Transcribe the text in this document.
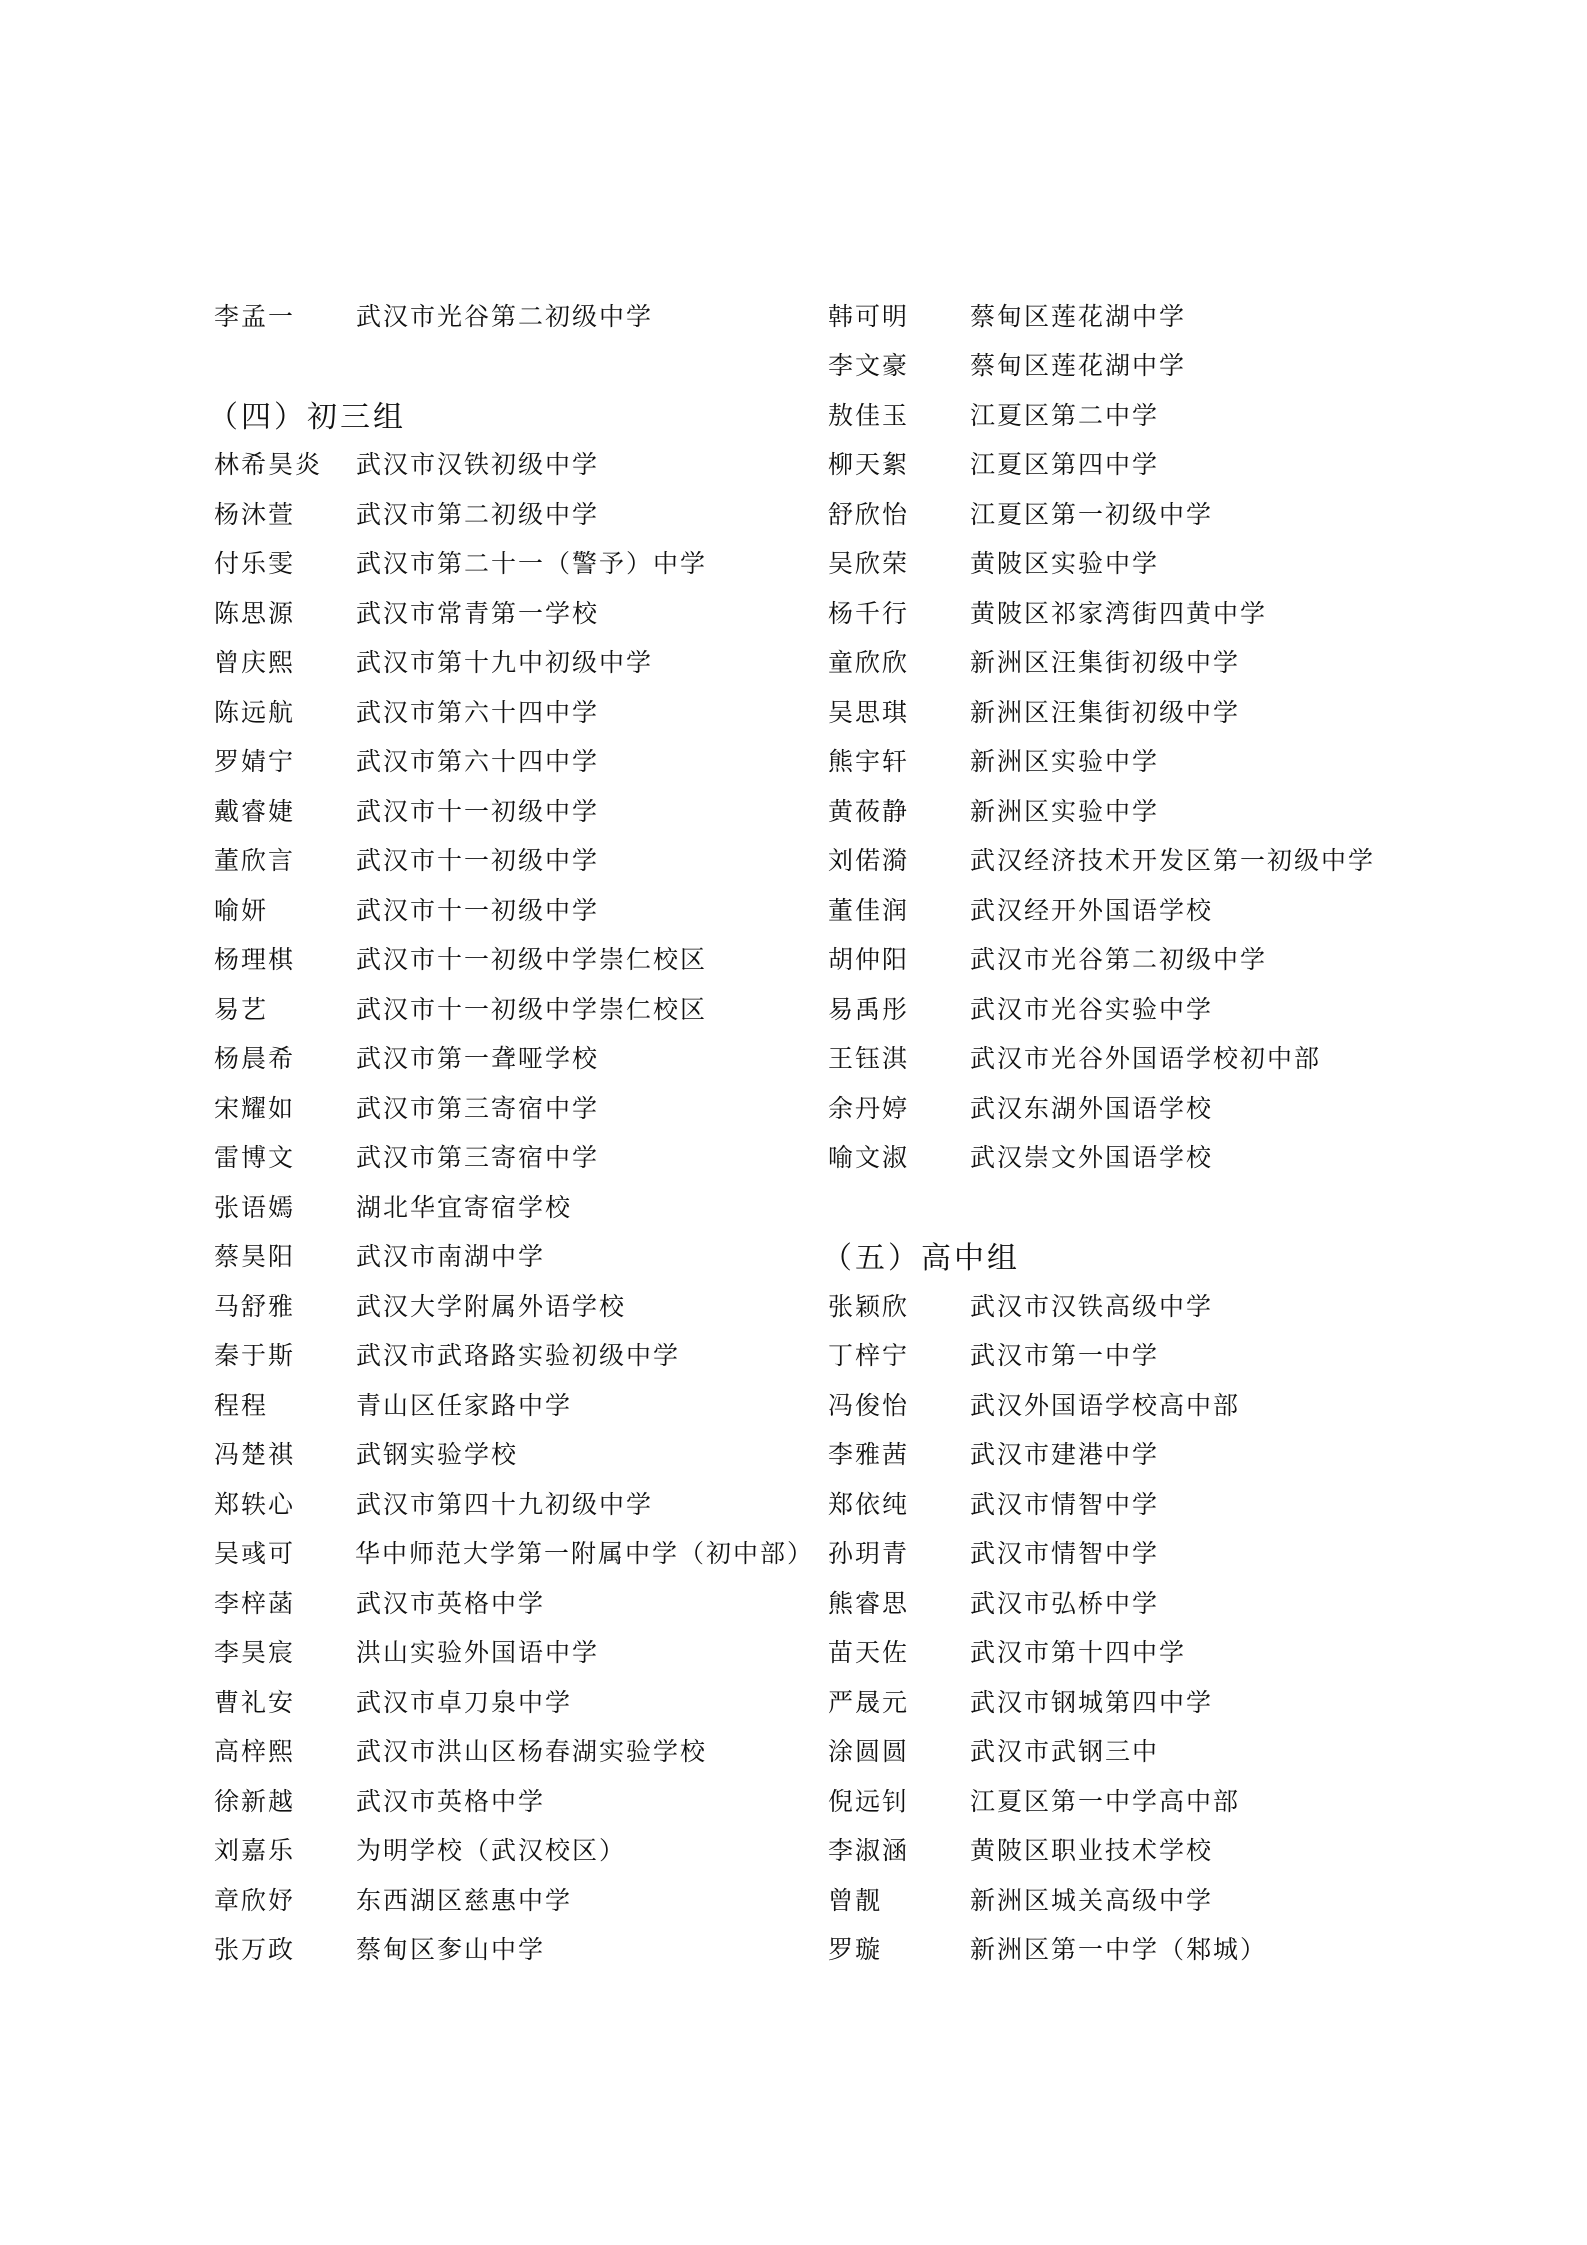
李孟一	武汉市光谷第二初级中学
（四）初三组
林希昊炎	武汉市汉铁初级中学
杨沐萱	武汉市第二初级中学
付乐雯	武汉市第二十一（警予）中学
陈思源	武汉市常青第一学校
曾庆熙	武汉市第十九中初级中学
陈远航	武汉市第六十四中学
罗婧宁	武汉市第六十四中学
戴睿婕	武汉市十一初级中学
董欣言	武汉市十一初级中学
喻妍	武汉市十一初级中学
杨理棋	武汉市十一初级中学崇仁校区
易艺	武汉市十一初级中学崇仁校区
杨晨希	武汉市第一聋哑学校
宋耀如	武汉市第三寄宿中学
雷博文	武汉市第三寄宿中学
张语嫣	湖北华宜寄宿学校
蔡昊阳	武汉市南湖中学
马舒雅	武汉大学附属外语学校
秦于斯	武汉市武珞路实验初级中学
程程	青山区任家路中学
冯楚祺	武钢实验学校
郑轶心	武汉市第四十九初级中学
吴彧可	华中师范大学第一附属中学（初中部）
李梓菡	武汉市英格中学
李昊宸	洪山实验外国语中学
曹礼安	武汉市卓刀泉中学
高梓熙	武汉市洪山区杨春湖实验学校
徐新越	武汉市英格中学
刘嘉乐	为明学校（武汉校区）
章欣妤	东西湖区慈惠中学
张万政	蔡甸区奓山中学
韩可明	蔡甸区莲花湖中学
李文豪	蔡甸区莲花湖中学
敖佳玉	江夏区第二中学
柳天絮	江夏区第四中学
舒欣怡	江夏区第一初级中学
吴欣荣	黄陂区实验中学
杨千行	黄陂区祁家湾街四黄中学
童欣欣	新洲区汪集街初级中学
吴思琪	新洲区汪集街初级中学
熊宇轩	新洲区实验中学
黄莜静	新洲区实验中学
刘偌漪	武汉经济技术开发区第一初级中学
董佳润	武汉经开外国语学校
胡仲阳	武汉市光谷第二初级中学
易禹彤	武汉市光谷实验中学
王钰淇	武汉市光谷外国语学校初中部
余丹婷	武汉东湖外国语学校
喻文淑	武汉崇文外国语学校
（五）高中组
张颖欣	武汉市汉铁高级中学
丁梓宁	武汉市第一中学
冯俊怡	武汉外国语学校高中部
李雅茜	武汉市建港中学
郑依纯	武汉市情智中学
孙玥青	武汉市情智中学
熊睿思	武汉市弘桥中学
苗天佐	武汉市第十四中学
严晟元	武汉市钢城第四中学
涂圆圆	武汉市武钢三中
倪远钊	江夏区第一中学高中部
李淑涵	黄陂区职业技术学校
曾靓	新洲区城关高级中学
罗璇	新洲区第一中学（邾城）
